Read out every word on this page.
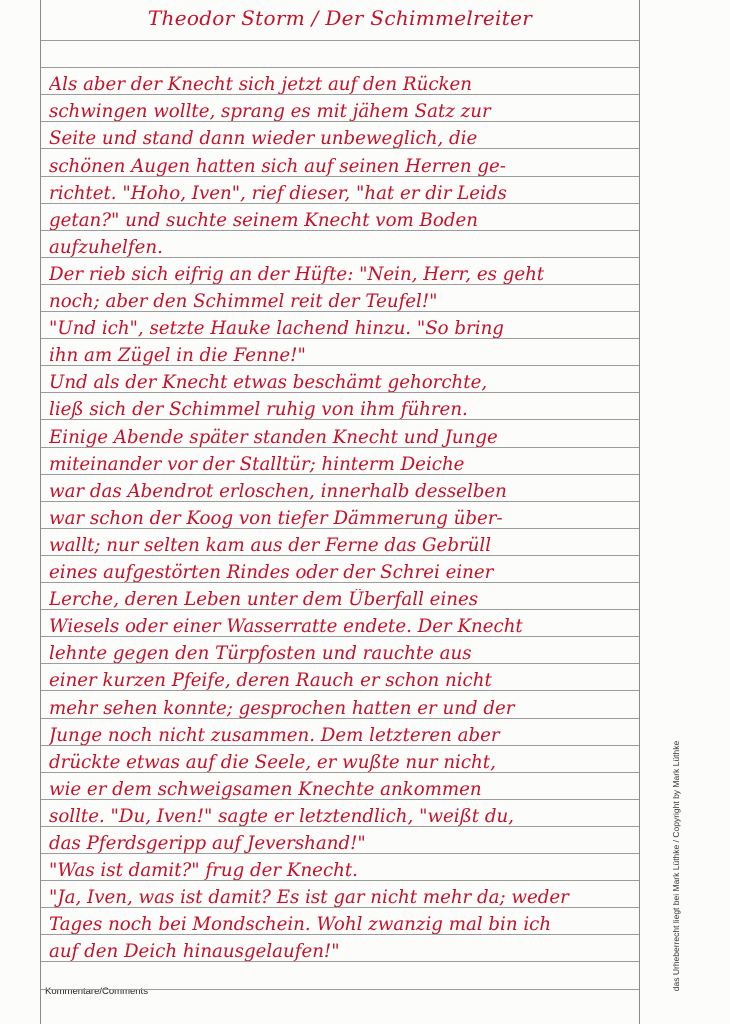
Theodor Storm / Der Schimmelreiter
Als aber der Knecht sich jetzt auf den Rücken
schwingen wollte, sprang es mit jähem Satz zur
Seite und stand dann wieder unbeweglich, die
schönen Augen hatten sich auf seinen Herren ge-
richtet. "Hoho, Iven", rief dieser, "hat er dir Leids
getan?" und suchte seinem Knecht vom Boden
aufzuhelfen.
Der rieb sich eifrig an der Hüfte: "Nein, Herr, es geht
noch; aber den Schimmel reit der Teufel!"
"Und ich", setzte Hauke lachend hinzu. "So bring
ihn am Zügel in die Fenne!"
Und als der Knecht etwas beschämt gehorchte,
ließ sich der Schimmel ruhig von ihm führen.
Einige Abende später standen Knecht und Junge
miteinander vor der Stalltür; hinterm Deiche
war das Abendrot erloschen, innerhalb desselben
war schon der Koog von tiefer Dämmerung über-
wallt; nur selten kam aus der Ferne das Gebrüll
eines aufgestörten Rindes oder der Schrei einer
Lerche, deren Leben unter dem Überfall eines
Wiesels oder einer Wasserratte endete. Der Knecht
lehnte gegen den Türpfosten und rauchte aus
einer kurzen Pfeife, deren Rauch er schon nicht
mehr sehen konnte; gesprochen hatten er und der
Junge noch nicht zusammen. Dem letzteren aber
drückte etwas auf die Seele, er wußte nur nicht,
wie er dem schweigsamen Knechte ankommen
sollte. "Du, Iven!" sagte er letztendlich, "weißt du,
das Pferdsgeripp auf Jevershand!"
"Was ist damit?" frug der Knecht.
"Ja, Iven, was ist damit? Es ist gar nicht mehr da; weder
Tages noch bei Mondschein. Wohl zwanzig mal bin ich
auf den Deich hinausgelaufen!"
Kommentare/Comments
das Urheberrecht liegt bei Mark Lüthke / Copyright by Mark Lüthke
